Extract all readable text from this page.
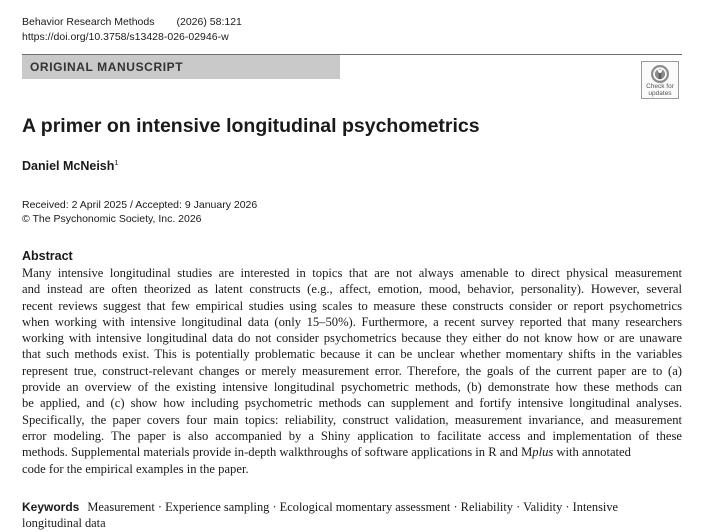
Behavior Research Methods (2026) 58:121
https://doi.org/10.3758/s13428-026-02946-w
ORIGINAL MANUSCRIPT
Check for
updates
A primer on intensive longitudinal psychometrics
Daniel McNeish$^1$
Received: 2 April 2025 / Accepted: 9 January 2026
© The Psychonomic Society, Inc. 2026
Abstract
Many intensive longitudinal studies are interested in topics that are not always amenable to direct physical measurement
and instead are often theorized as latent constructs (e.g., affect, emotion, mood, behavior, personality). However, several
recent reviews suggest that few empirical studies using scales to measure these constructs consider or report psychometrics
when working with intensive longitudinal data (only 15–50%). Furthermore, a recent survey reported that many researchers
working with intensive longitudinal data do not consider psychometrics because they either do not know how or are unaware
that such methods exist. This is potentially problematic because it can be unclear whether momentary shifts in the variables
represent true, construct-relevant changes or merely measurement error. Therefore, the goals of the current paper are to (a)
provide an overview of the existing intensive longitudinal psychometric methods, (b) demonstrate how these methods can
be applied, and (c) show how including psychometric methods can supplement and fortify intensive longitudinal analyses.
Specifically, the paper covers four main topics: reliability, construct validation, measurement invariance, and measurement
error modeling. The paper is also accompanied by a Shiny application to facilitate access and implementation of these
methods. Supplemental materials provide in-depth walkthroughs of software applications in R and Mplus with annotated
code for the empirical examples in the paper.
Keywords Measurement · Experience sampling · Ecological momentary assessment · Reliability · Validity · Intensive
longitudinal data
